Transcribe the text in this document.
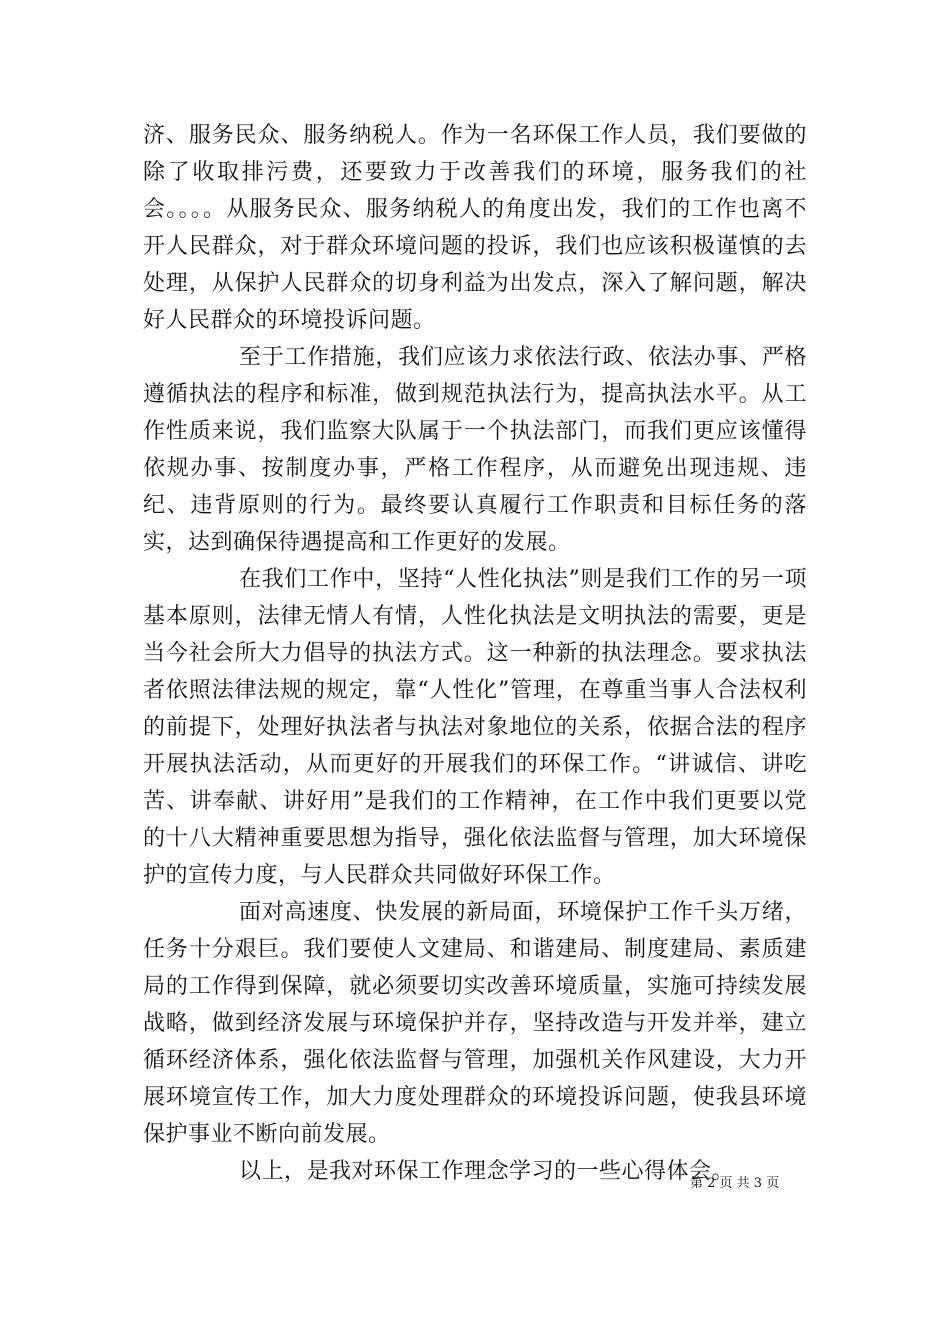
济、服务民众、服务纳税人。作为一名环保工作人员，我们要做的除了收取排污费，还要致力于改善我们的环境，服务我们的社会。。。。从服务民众、服务纳税人的角度出发，我们的工作也离不开人民群众，对于群众环境问题的投诉，我们也应该积极谨慎的去处理，从保护人民群众的切身利益为出发点，深入了解问题，解决好人民群众的环境投诉问题。

至于工作措施，我们应该力求依法行政、依法办事、严格遵循执法的程序和标准，做到规范执法行为，提高执法水平。从工作性质来说，我们监察大队属于一个执法部门，而我们更应该懂得依规办事、按制度办事，严格工作程序，从而避免出现违规、违纪、违背原则的行为。最终要认真履行工作职责和目标任务的落实，达到确保待遇提高和工作更好的发展。

在我们工作中，坚持“人性化执法”则是我们工作的另一项基本原则，法律无情人有情，人性化执法是文明执法的需要，更是当今社会所大力倡导的执法方式。这一种新的执法理念。要求执法者依照法律法规的规定，靠“人性化”管理，在尊重当事人合法权利的前提下，处理好执法者与执法对象地位的关系，依据合法的程序开展执法活动，从而更好的开展我们的环保工作。“讲诚信、讲吃苦、讲奉献、讲好用”是我们的工作精神，在工作中我们更要以党的十八大精神重要思想为指导，强化依法监督与管理，加大环境保护的宣传力度，与人民群众共同做好环保工作。

面对高速度、快发展的新局面，环境保护工作千头万绪，任务十分艰巨。我们要使人文建局、和谐建局、制度建局、素质建局的工作得到保障，就必须要切实改善环境质量，实施可持续发展战略，做到经济发展与环境保护并存，坚持改造与开发并举，建立循环经济体系，强化依法监督与管理，加强机关作风建设，大力开展环境宣传工作，加大力度处理群众的环境投诉问题，使我县环境保护事业不断向前发展。

以上，是我对环保工作理念学习的一些心得体会。

第 2 页 共 3 页
